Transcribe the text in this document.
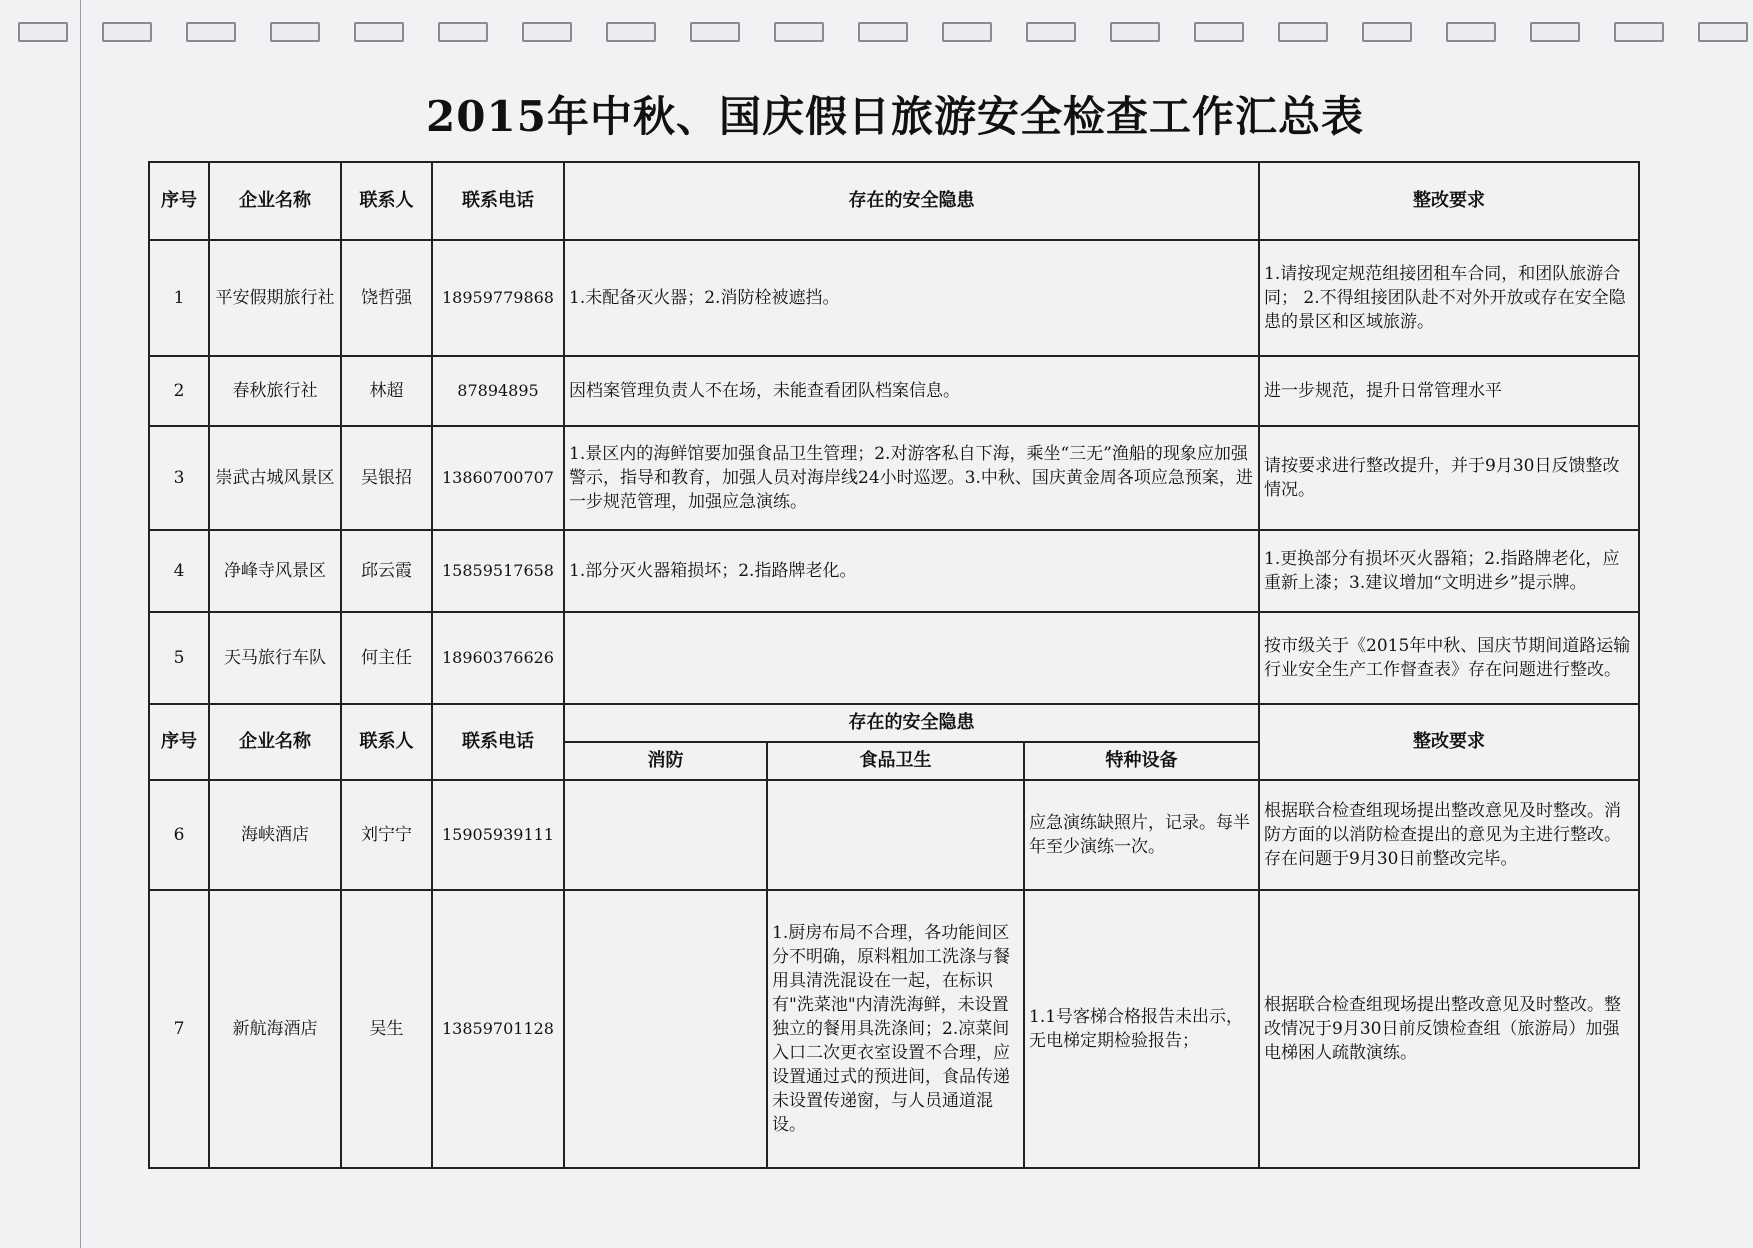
2015年中秋、国庆假日旅游安全检查工作汇总表
序号	企业名称	联系人	联系电话	存在的安全隐患			整改要求
1	平安假期旅行社	饶哲强	18959779868	1.未配备灭火器；2.消防栓被遮挡。			1.请按现定规范组接团租车合同，和团队旅游合同； 2.不得组接团队赴不对外开放或存在安全隐患的景区和区域旅游。
2	春秋旅行社	林超	87894895	因档案管理负责人不在场，未能查看团队档案信息。			进一步规范，提升日常管理水平
3	崇武古城风景区	吴银招	13860700707	1.景区内的海鲜馆要加强食品卫生管理；2.对游客私自下海，乘坐“三无”渔船的现象应加强警示，指导和教育，加强人员对海岸线24小时巡逻。3.中秋、国庆黄金周各项应急预案，进一步规范管理，加强应急演练。			请按要求进行整改提升，并于9月30日反馈整改情况。
4	净峰寺风景区	邱云霞	15859517658	1.部分灭火器箱损坏；2.指路牌老化。			1.更换部分有损坏灭火器箱；2.指路牌老化，应重新上漆；3.建议增加“文明进乡”提示牌。
5	天马旅行车队	何主任	18960376626				按市级关于《2015年中秋、国庆节期间道路运输行业安全生产工作督查表》存在问题进行整改。
序号	企业名称	联系人	联系电话	存在的安全隐患			整改要求
				消防	食品卫生	特种设备	
6	海峡酒店	刘宁宁	15905939111			应急演练缺照片，记录。每半年至少演练一次。	根据联合检查组现场提出整改意见及时整改。消防方面的以消防检查提出的意见为主进行整改。存在问题于9月30日前整改完毕。
7	新航海酒店	吴生	13859701128		1.厨房布局不合理，各功能间区分不明确，原料粗加工洗涤与餐用具清洗混设在一起，在标识有"洗菜池"内清洗海鲜，未设置独立的餐用具洗涤间；2.凉菜间入口二次更衣室设置不合理，应设置通过式的预进间，食品传递未设置传递窗，与人员通道混设。	1.1号客梯合格报告未出示，无电梯定期检验报告；	根据联合检查组现场提出整改意见及时整改。整改情况于9月30日前反馈检查组（旅游局）加强电梯困人疏散演练。
